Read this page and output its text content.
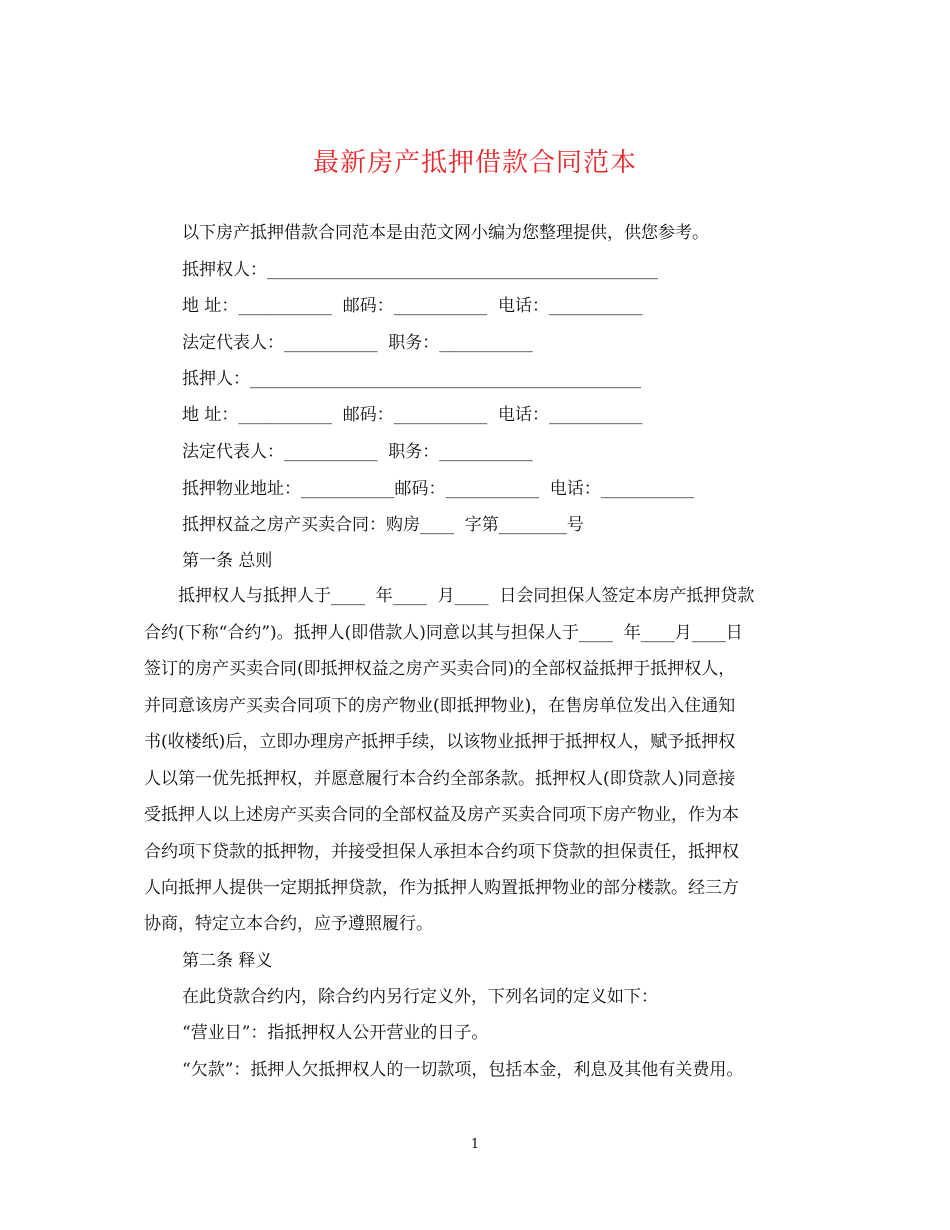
最新房产抵押借款合同范本
以下房产抵押借款合同范本是由范文网小编为您整理提供，供您参考。
抵押权人：______________________________________________
地 址：___________  邮码：___________  电话：___________
法定代表人：___________  职务：___________
抵押人：______________________________________________
地 址：___________  邮码：___________  电话：___________
法定代表人：___________  职务：___________
抵押物业地址：___________邮码：___________  电话：___________
抵押权益之房产买卖合同：购房____  字第________号
第一条 总则
　　抵押权人与抵押人于____  年____  月____  日会同担保人签定本房产抵押贷款
合约(下称“合约”)。抵押人(即借款人)同意以其与担保人于____  年____月____日
签订的房产买卖合同(即抵押权益之房产买卖合同)的全部权益抵押于抵押权人，
并同意该房产买卖合同项下的房产物业(即抵押物业)，在售房单位发出入住通知
书(收楼纸)后，立即办理房产抵押手续，以该物业抵押于抵押权人，赋予抵押权
人以第一优先抵押权，并愿意履行本合约全部条款。抵押权人(即贷款人)同意接
受抵押人以上述房产买卖合同的全部权益及房产买卖合同项下房产物业，作为本
合约项下贷款的抵押物，并接受担保人承担本合约项下贷款的担保责任，抵押权
人向抵押人提供一定期抵押贷款，作为抵押人购置抵押物业的部分楼款。经三方
协商，特定立本合约，应予遵照履行。
第二条 释义
在此贷款合约内，除合约内另行定义外，下列名词的定义如下：
“营业日”：指抵押权人公开营业的日子。
“欠款”：抵押人欠抵押权人的一切款项，包括本金，利息及其他有关费用。
1
